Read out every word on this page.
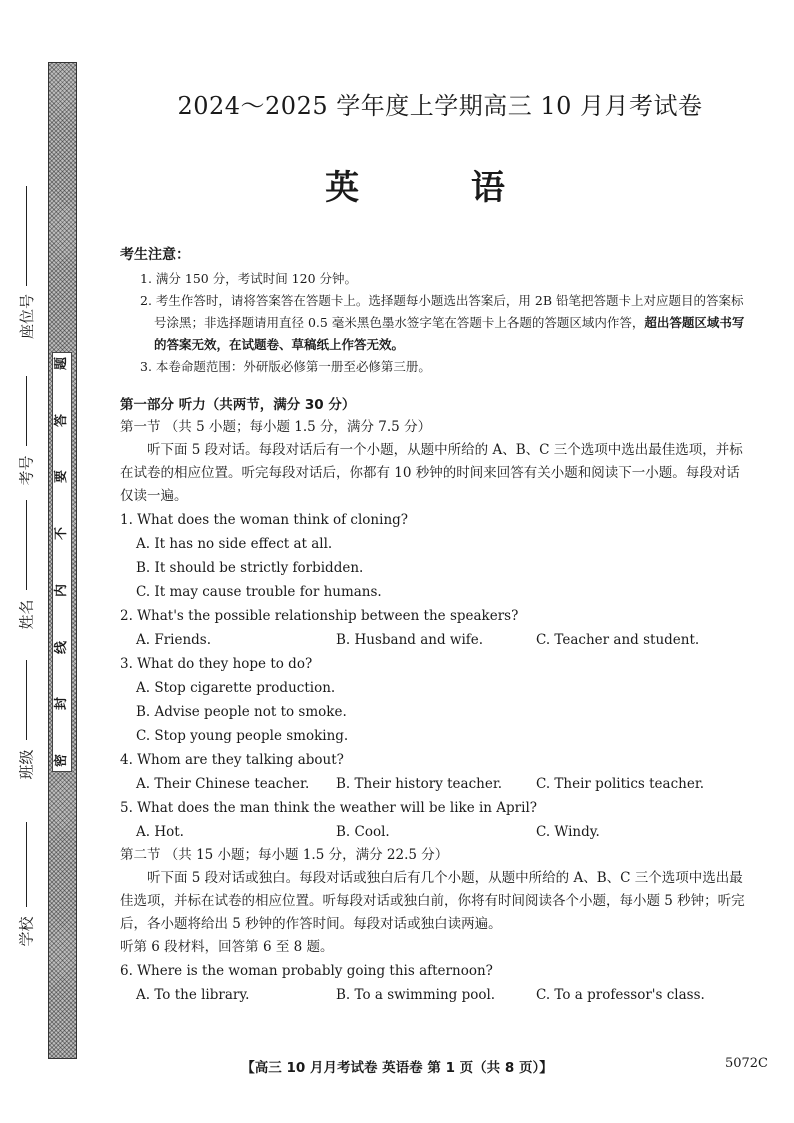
题
答
要
不
内
线
封
密
座位号
考号
姓名
班级
学校
2024～2025 学年度上学期高三 10 月月考试卷
英 语
考生注意：
1. 满分 150 分，考试时间 120 分钟。
2. 考生作答时，请将答案答在答题卡上。选择题每小题选出答案后，用 2B 铅笔把答题卡上对应题目的答案标号涂黑；非选择题请用直径 0.5 毫米黑色墨水签字笔在答题卡上各题的答题区域内作答，超出答题区域书写的答案无效，在试题卷、草稿纸上作答无效。
3. 本卷命题范围：外研版必修第一册至必修第三册。
第一部分 听力（共两节，满分 30 分）
第一节 （共 5 小题；每小题 1.5 分，满分 7.5 分）
听下面 5 段对话。每段对话后有一个小题，从题中所给的 A、B、C 三个选项中选出最佳选项，并标在试卷的相应位置。听完每段对话后，你都有 10 秒钟的时间来回答有关小题和阅读下一小题。每段对话仅读一遍。
1. What does the woman think of cloning?
A. It has no side effect at all.
B. It should be strictly forbidden.
C. It may cause trouble for humans.
2. What's the possible relationship between the speakers?
A. Friends.	B. Husband and wife.	C. Teacher and student.
3. What do they hope to do?
A. Stop cigarette production.
B. Advise people not to smoke.
C. Stop young people smoking.
4. Whom are they talking about?
A. Their Chinese teacher.	B. Their history teacher.	C. Their politics teacher.
5. What does the man think the weather will be like in April?
A. Hot.	B. Cool.	C. Windy.
第二节 （共 15 小题；每小题 1.5 分，满分 22.5 分）
听下面 5 段对话或独白。每段对话或独白后有几个小题，从题中所给的 A、B、C 三个选项中选出最佳选项，并标在试卷的相应位置。听每段对话或独白前，你将有时间阅读各个小题，每小题 5 秒钟；听完后，各小题将给出 5 秒钟的作答时间。每段对话或独白读两遍。
听第 6 段材料，回答第 6 至 8 题。
6. Where is the woman probably going this afternoon?
A. To the library.	B. To a swimming pool.	C. To a professor's class.
【高三 10 月月考试卷 英语卷 第 1 页（共 8 页）】	5072C
